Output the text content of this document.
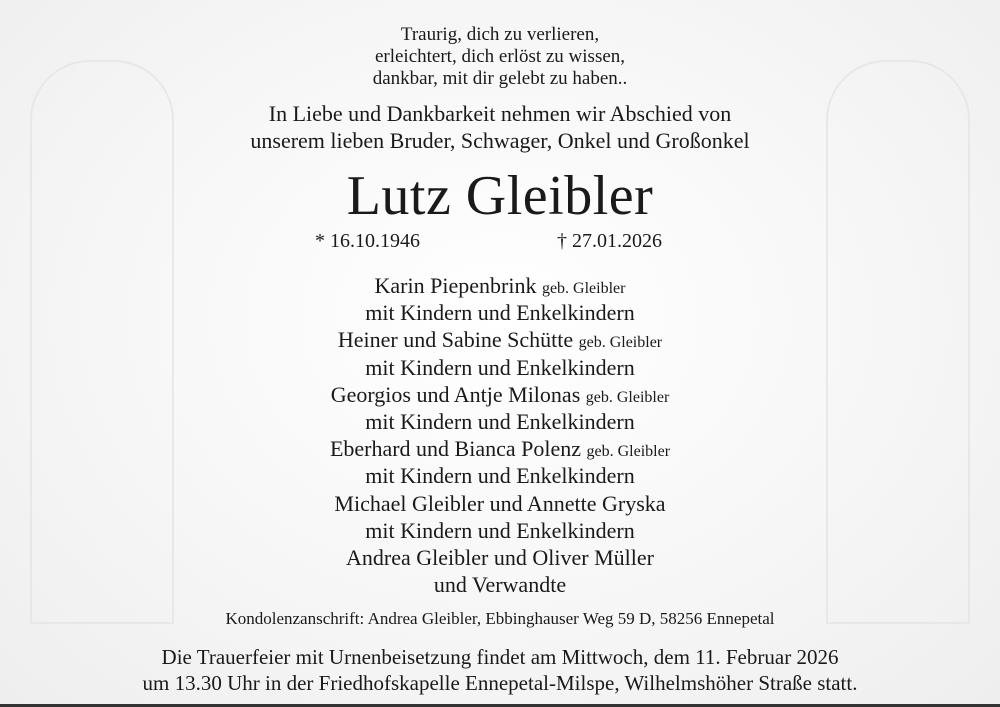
Traurig, dich zu verlieren,
erleichtert, dich erlöst zu wissen,
dankbar, mit dir gelebt zu haben..
In Liebe und Dankbarkeit nehmen wir Abschied von
unserem lieben Bruder, Schwager, Onkel und Großonkel
Lutz Gleibler
* 16.10.1946	† 27.01.2026
Karin Piepenbrink geb. Gleibler
mit Kindern und Enkelkindern
Heiner und Sabine Schütte geb. Gleibler
mit Kindern und Enkelkindern
Georgios und Antje Milonas geb. Gleibler
mit Kindern und Enkelkindern
Eberhard und Bianca Polenz geb. Gleibler
mit Kindern und Enkelkindern
Michael Gleibler und Annette Gryska
mit Kindern und Enkelkindern
Andrea Gleibler und Oliver Müller
und Verwandte
Kondolenzanschrift: Andrea Gleibler, Ebbinghauser Weg 59 D, 58256 Ennepetal
Die Trauerfeier mit Urnenbeisetzung findet am Mittwoch, dem 11. Februar 2026
um 13.30 Uhr in der Friedhofskapelle Ennepetal-Milspe, Wilhelmshöher Straße statt.
